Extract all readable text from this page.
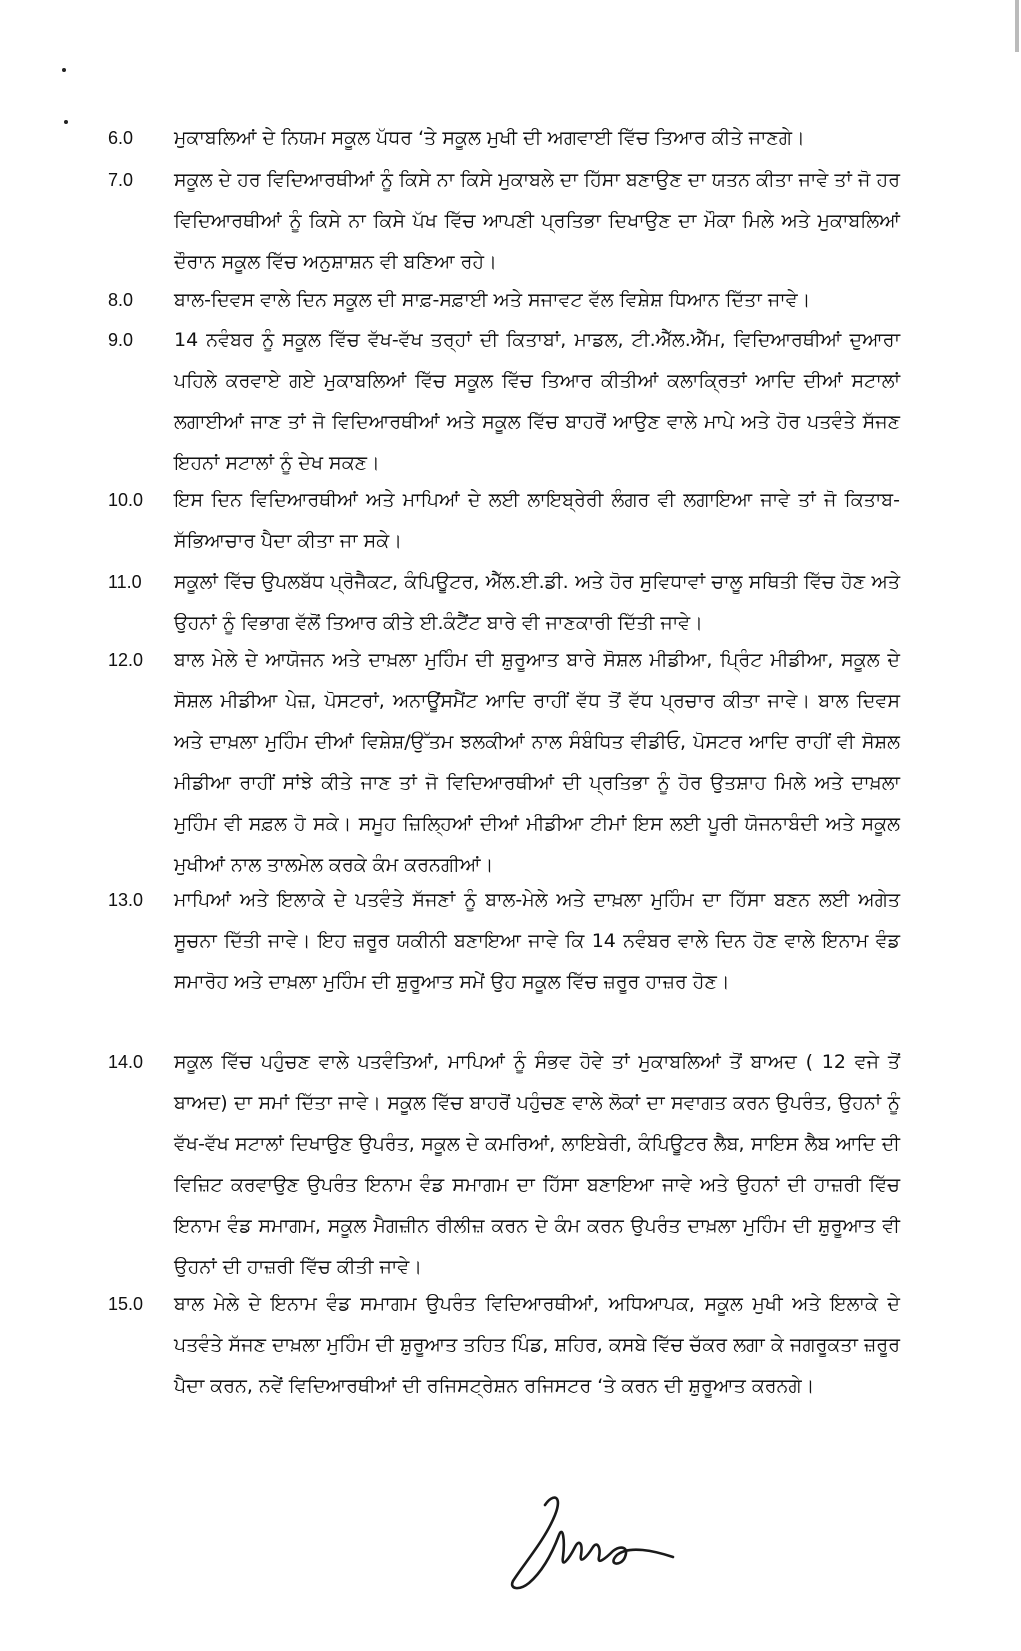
6.0	ਮੁਕਾਬਲਿਆਂ ਦੇ ਨਿਯਮ ਸਕੂਲ ਪੱਧਰ ‘ਤੇ ਸਕੂਲ ਮੁਖੀ ਦੀ ਅਗਵਾਈ ਵਿੱਚ ਤਿਆਰ ਕੀਤੇ ਜਾਣਗੇ।
7.0	ਸਕੂਲ ਦੇ ਹਰ ਵਿਦਿਆਰਥੀਆਂ ਨੂੰ ਕਿਸੇ ਨਾ ਕਿਸੇ ਮੁਕਾਬਲੇ ਦਾ ਹਿੱਸਾ ਬਣਾਉਣ ਦਾ ਯਤਨ ਕੀਤਾ ਜਾਵੇ ਤਾਂ ਜੋ ਹਰ ਵਿਦਿਆਰਥੀਆਂ ਨੂੰ ਕਿਸੇ ਨਾ ਕਿਸੇ ਪੱਖ ਵਿੱਚ ਆਪਣੀ ਪ੍ਰਤਿਭਾ ਦਿਖਾਉਣ ਦਾ ਮੌਕਾ ਮਿਲੇ ਅਤੇ ਮੁਕਾਬਲਿਆਂ ਦੌਰਾਨ ਸਕੂਲ ਵਿੱਚ ਅਨੁਸ਼ਾਸ਼ਨ ਵੀ ਬਣਿਆ ਰਹੇ।
8.0	ਬਾਲ-ਦਿਵਸ ਵਾਲੇ ਦਿਨ ਸਕੂਲ ਦੀ ਸਾਫ਼-ਸਫ਼ਾਈ ਅਤੇ ਸਜਾਵਟ ਵੱਲ ਵਿਸ਼ੇਸ਼ ਧਿਆਨ ਦਿੱਤਾ ਜਾਵੇ।
9.0	14 ਨਵੰਬਰ ਨੂੰ ਸਕੂਲ ਵਿੱਚ ਵੱਖ-ਵੱਖ ਤਰ੍ਹਾਂ ਦੀ ਕਿਤਾਬਾਂ, ਮਾਡਲ, ਟੀ.ਐੱਲ.ਐੱਮ, ਵਿਦਿਆਰਥੀਆਂ ਦੁਆਰਾ ਪਹਿਲੇ ਕਰਵਾਏ ਗਏ ਮੁਕਾਬਲਿਆਂ ਵਿੱਚ ਸਕੂਲ ਵਿੱਚ ਤਿਆਰ ਕੀਤੀਆਂ ਕਲਾਕ੍ਰਿਤਾਂ ਆਦਿ ਦੀਆਂ ਸਟਾਲਾਂ ਲਗਾਈਆਂ ਜਾਣ ਤਾਂ ਜੋ ਵਿਦਿਆਰਥੀਆਂ ਅਤੇ ਸਕੂਲ ਵਿੱਚ ਬਾਹਰੋਂ ਆਉਣ ਵਾਲੇ ਮਾਪੇ ਅਤੇ ਹੋਰ ਪਤਵੰਤੇ ਸੱਜਣ ਇਹਨਾਂ ਸਟਾਲਾਂ ਨੂੰ ਦੇਖ ਸਕਣ।
10.0	ਇਸ ਦਿਨ ਵਿਦਿਆਰਥੀਆਂ ਅਤੇ ਮਾਪਿਆਂ ਦੇ ਲਈ ਲਾਇਬ੍ਰੇਰੀ ਲੰਗਰ ਵੀ ਲਗਾਇਆ ਜਾਵੇ ਤਾਂ ਜੋ ਕਿਤਾਬ-ਸੱਭਿਆਚਾਰ ਪੈਦਾ ਕੀਤਾ ਜਾ ਸਕੇ।
11.0	ਸਕੂਲਾਂ ਵਿੱਚ ਉਪਲਬੱਧ ਪ੍ਰੋਜੈਕਟ, ਕੰਪਿਊਟਰ, ਐੱਲ.ਈ.ਡੀ. ਅਤੇ ਹੋਰ ਸੁਵਿਧਾਵਾਂ ਚਾਲੂ ਸਥਿਤੀ ਵਿੱਚ ਹੋਣ ਅਤੇ ਉਹਨਾਂ ਨੂੰ ਵਿਭਾਗ ਵੱਲੋਂ ਤਿਆਰ ਕੀਤੇ ਈ.ਕੰਟੈਂਟ ਬਾਰੇ ਵੀ ਜਾਣਕਾਰੀ ਦਿੱਤੀ ਜਾਵੇ।
12.0	ਬਾਲ ਮੇਲੇ ਦੇ ਆਯੋਜਨ ਅਤੇ ਦਾਖ਼ਲਾ ਮੁਹਿੰਮ ਦੀ ਸ਼ੁਰੂਆਤ ਬਾਰੇ ਸੋਸ਼ਲ ਮੀਡੀਆ, ਪ੍ਰਿੰਟ ਮੀਡੀਆ, ਸਕੂਲ ਦੇ ਸੋਸ਼ਲ ਮੀਡੀਆ ਪੇਜ਼, ਪੋਸਟਰਾਂ, ਅਨਾਊਂਸਮੈਂਟ ਆਦਿ ਰਾਹੀਂ ਵੱਧ ਤੋਂ ਵੱਧ ਪ੍ਰਚਾਰ ਕੀਤਾ ਜਾਵੇ। ਬਾਲ ਦਿਵਸ ਅਤੇ ਦਾਖ਼ਲਾ ਮੁਹਿੰਮ ਦੀਆਂ ਵਿਸ਼ੇਸ਼/ਉੱਤਮ ਝਲਕੀਆਂ ਨਾਲ ਸੰਬੰਧਿਤ ਵੀਡੀਓ, ਪੋਸਟਰ ਆਦਿ ਰਾਹੀਂ ਵੀ ਸੋਸ਼ਲ ਮੀਡੀਆ ਰਾਹੀਂ ਸਾਂਝੇ ਕੀਤੇ ਜਾਣ ਤਾਂ ਜੋ ਵਿਦਿਆਰਥੀਆਂ ਦੀ ਪ੍ਰਤਿਭਾ ਨੂੰ ਹੋਰ ਉਤਸ਼ਾਹ ਮਿਲੇ ਅਤੇ ਦਾਖ਼ਲਾ ਮੁਹਿੰਮ ਵੀ ਸਫ਼ਲ ਹੋ ਸਕੇ। ਸਮੂਹ ਜ਼ਿਲ੍ਹਿਆਂ ਦੀਆਂ ਮੀਡੀਆ ਟੀਮਾਂ ਇਸ ਲਈ ਪੂਰੀ ਯੋਜਨਾਬੰਦੀ ਅਤੇ ਸਕੂਲ ਮੁਖੀਆਂ ਨਾਲ ਤਾਲਮੇਲ ਕਰਕੇ ਕੰਮ ਕਰਨਗੀਆਂ।
13.0	ਮਾਪਿਆਂ ਅਤੇ ਇਲਾਕੇ ਦੇ ਪਤਵੰਤੇ ਸੱਜਣਾਂ ਨੂੰ ਬਾਲ-ਮੇਲੇ ਅਤੇ ਦਾਖ਼ਲਾ ਮੁਹਿੰਮ ਦਾ ਹਿੱਸਾ ਬਣਨ ਲਈ ਅਗੇਤ ਸੂਚਨਾ ਦਿੱਤੀ ਜਾਵੇ। ਇਹ ਜ਼ਰੂਰ ਯਕੀਨੀ ਬਣਾਇਆ ਜਾਵੇ ਕਿ 14 ਨਵੰਬਰ ਵਾਲੇ ਦਿਨ ਹੋਣ ਵਾਲੇ ਇਨਾਮ ਵੰਡ ਸਮਾਰੋਹ ਅਤੇ ਦਾਖ਼ਲਾ ਮੁਹਿੰਮ ਦੀ ਸ਼ੁਰੂਆਤ ਸਮੇਂ ਉਹ ਸਕੂਲ ਵਿੱਚ ਜ਼ਰੂਰ ਹਾਜ਼ਰ ਹੋਣ।
14.0	ਸਕੂਲ ਵਿੱਚ ਪਹੁੰਚਣ ਵਾਲੇ ਪਤਵੰਤਿਆਂ, ਮਾਪਿਆਂ ਨੂੰ ਸੰਭਵ ਹੋਵੇ ਤਾਂ ਮੁਕਾਬਲਿਆਂ ਤੋਂ ਬਾਅਦ ( 12 ਵਜੇ ਤੋਂ ਬਾਅਦ) ਦਾ ਸਮਾਂ ਦਿੱਤਾ ਜਾਵੇ। ਸਕੂਲ ਵਿੱਚ ਬਾਹਰੋਂ ਪਹੁੰਚਣ ਵਾਲੇ ਲੋਕਾਂ ਦਾ ਸਵਾਗਤ ਕਰਨ ਉਪਰੰਤ, ਉਹਨਾਂ ਨੂੰ ਵੱਖ-ਵੱਖ ਸਟਾਲਾਂ ਦਿਖਾਉਣ ਉਪਰੰਤ, ਸਕੂਲ ਦੇ ਕਮਰਿਆਂ, ਲਾਇਬੇਰੀ, ਕੰਪਿਊਟਰ ਲੈਬ, ਸਾਇਸ ਲੈਬ ਆਦਿ ਦੀ ਵਿਜ਼ਿਟ ਕਰਵਾਉਣ ਉਪਰੰਤ ਇਨਾਮ ਵੰਡ ਸਮਾਗਮ ਦਾ ਹਿੱਸਾ ਬਣਾਇਆ ਜਾਵੇ ਅਤੇ ਉਹਨਾਂ ਦੀ ਹਾਜ਼ਰੀ ਵਿੱਚ ਇਨਾਮ ਵੰਡ ਸਮਾਗਮ, ਸਕੂਲ ਮੈਗਜ਼ੀਨ ਰੀਲੀਜ਼ ਕਰਨ ਦੇ ਕੰਮ ਕਰਨ ਉਪਰੰਤ ਦਾਖ਼ਲਾ ਮੁਹਿੰਮ ਦੀ ਸ਼ੁਰੂਆਤ ਵੀ ਉਹਨਾਂ ਦੀ ਹਾਜ਼ਰੀ ਵਿੱਚ ਕੀਤੀ ਜਾਵੇ।
15.0	ਬਾਲ ਮੇਲੇ ਦੇ ਇਨਾਮ ਵੰਡ ਸਮਾਗਮ ਉਪਰੰਤ ਵਿਦਿਆਰਥੀਆਂ, ਅਧਿਆਪਕ, ਸਕੂਲ ਮੁਖੀ ਅਤੇ ਇਲਾਕੇ ਦੇ ਪਤਵੰਤੇ ਸੱਜਣ ਦਾਖ਼ਲਾ ਮੁਹਿੰਮ ਦੀ ਸ਼ੁਰੂਆਤ ਤਹਿਤ ਪਿੰਡ, ਸ਼ਹਿਰ, ਕਸਬੇ ਵਿੱਚ ਚੱਕਰ ਲਗਾ ਕੇ ਜਗਰੂਕਤਾ ਜ਼ਰੂਰ ਪੈਦਾ ਕਰਨ, ਨਵੇਂ ਵਿਦਿਆਰਥੀਆਂ ਦੀ ਰਜਿਸਟ੍ਰੇਸ਼ਨ ਰਜਿਸਟਰ ‘ਤੇ ਕਰਨ ਦੀ ਸ਼ੁਰੂਆਤ ਕਰਨਗੇ।
